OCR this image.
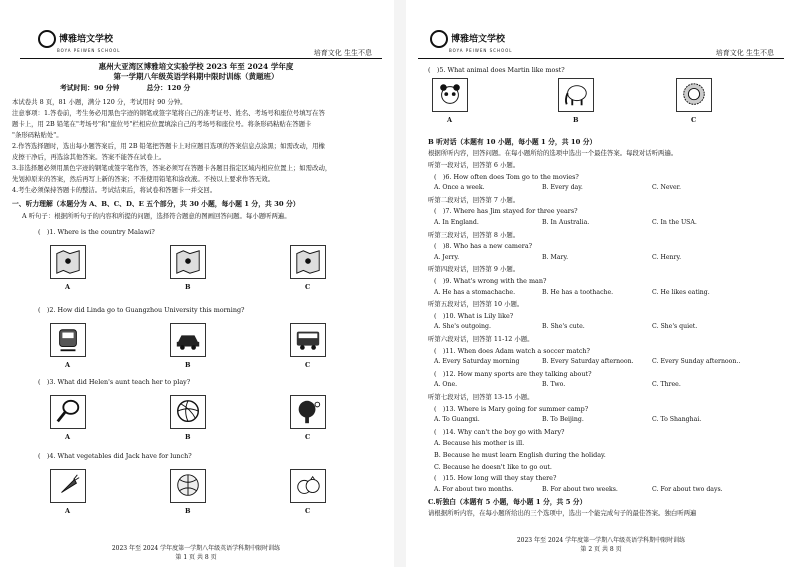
博雅培文学校
BOYA PEIWEN SCHOOL	培育文化 生生不息
惠州大亚湾区博雅培文实验学校 2023 年至 2024 学年度
第一学期八年级英语学科期中限时训练（黄题班）
考试时间：90 分钟　　　　总分：120 分
本试卷共 8 页，81 小题，满分 120 分，考试用时 90 分钟。
注意事项：1.答卷前，考生务必用黑色字迹的钢笔或签字笔将自己的准考证号、姓名、考场号和座位号填写在答
题卡上，用 2B 铅笔在"考场号"和"座位号"栏相应位置填涂自己的考场号和座位号。将条形码粘贴在答题卡
"条形码粘贴处"。
2.作答选择题时，选出每小题答案后，用 2B 铅笔把答题卡上对应题目选项的答案信息点涂黑；如需改动，用橡
皮擦干净后，再选涂其他答案。答案不能答在试卷上。
3.非选择题必须用黑色字迹的钢笔或签字笔作答，答案必须写在答题卡各题目指定区域内相应位置上；如需改动，
先划掉原来的答案，然后再写上新的答案；不准使用铅笔和涂改液。不按以上要求作答无效。
4.考生必须保持答题卡的整洁。考试结束后，将试卷和答题卡一并交回。
一、听力理解（本题分为 A、B、C、D、E 五个部分，共 30 小题，每小题 1 分，共 30 分）
A 听句子：根据所听句子的内容和所提的问题，选择符合题意的图画回答问题。每小题听两遍。
(　)1. Where is the country Malawi?
A	B	C
(　)2. How did Linda go to Guangzhou University this morning?
A	B	C
(　)3. What did Helen's aunt teach her to play?
A	B	C
(　)4. What vegetables did Jack have for lunch?
A	B	C
2023 年至 2024 学年度第一学期八年级英语学科期中限时训练
第 1 页 共 8 页
博雅培文学校
BOYA PEIWEN SCHOOL	培育文化 生生不息
(　)5. What animal does Martin like most?
A	B	C
B 听对话（本题有 10 小题，每小题 1 分，共 10 分）
根据所听内容，回答问题。在每小题所给的选项中选出一个最佳答案。每段对话听两遍。
听第一段对话，回答第 6 小题。
(　)6. How often does Tom go to the movies?
A. Once a week.	B. Every day.	C. Never.
听第二段对话，回答第 7 小题。
(　)7. Where has Jim stayed for three years?
A. In England.	B. In Australia.	C. In the USA.
听第三段对话，回答第 8 小题。
(　)8. Who has a new camera?
A. Jerry.	B. Mary.	C. Henry.
听第四段对话，回答第 9 小题。
(　)9. What's wrong with the man?
A. He has a stomachache.	B. He has a toothache.	C. He likes eating.
听第五段对话，回答第 10 小题。
(　)10. What is Lily like?
A. She's outgoing.	B. She's cute.	C. She's quiet.
听第六段对话，回答第 11-12 小题。
(　)11. When does Adam watch a soccer match?
A. Every Saturday morning	B. Every Saturday afternoon.	C. Every Sunday afternoon..
(　)12. How many sports are they talking about?
A. One.	B. Two.	C. Three.
听第七段对话，回答第 13-15 小题。
(　)13. Where is Mary going for summer camp?
A. To Guangxi.	B. To Beijing.	C. To Shanghai.
(　)14. Why can't the boy go with Mary?
A. Because his mother is ill.
B. Because he must learn English during the holiday.
C. Because he doesn't like to go out.
(　)15. How long will they stay there?
A. For about two months.	B. For about two weeks.	C. For about two days.
C.听独白（本题有 5 小题，每小题 1 分，共 5 分）
请根据所听内容，在每小题所给出的三个选项中，选出一个能完成句子的最佳答案。独白听两遍
2023 年至 2024 学年度第一学期八年级英语学科期中限时训练
第 2 页 共 8 页
